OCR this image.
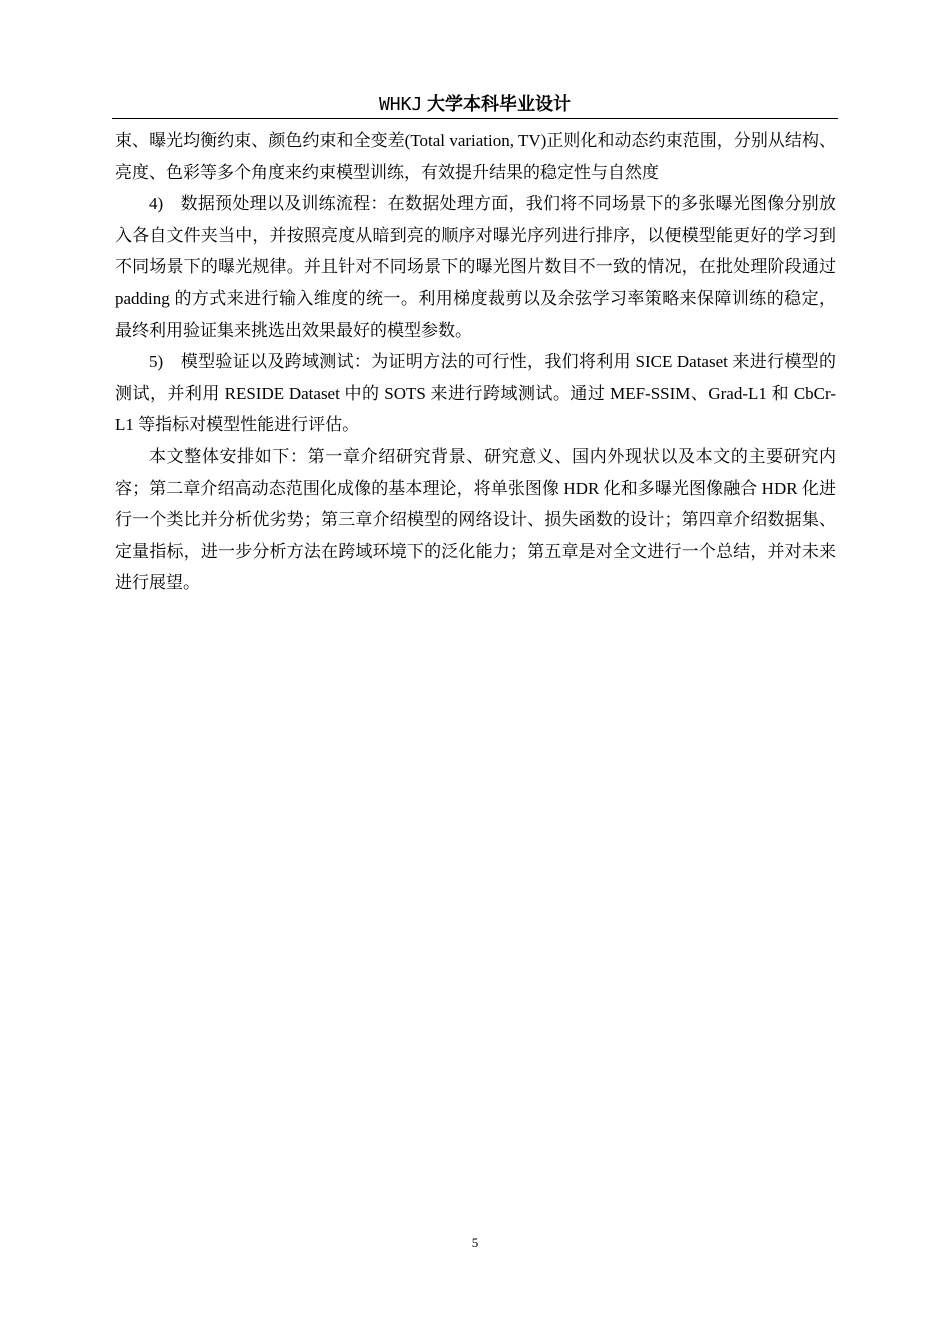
WHKJ 大学本科毕业设计

束、曝光均衡约束、颜色约束和全变差(Total variation, TV)正则化和动态约束范围，分别从结构、亮度、色彩等多个角度来约束模型训练，有效提升结果的稳定性与自然度

4)　数据预处理以及训练流程：在数据处理方面，我们将不同场景下的多张曝光图像分别放入各自文件夹当中，并按照亮度从暗到亮的顺序对曝光序列进行排序，以便模型能更好的学习到不同场景下的曝光规律。并且针对不同场景下的曝光图片数目不一致的情况，在批处理阶段通过 padding 的方式来进行输入维度的统一。利用梯度裁剪以及余弦学习率策略来保障训练的稳定，最终利用验证集来挑选出效果最好的模型参数。

5)　模型验证以及跨域测试：为证明方法的可行性，我们将利用 SICE Dataset 来进行模型的测试，并利用 RESIDE Dataset 中的 SOTS 来进行跨域测试。通过 MEF-SSIM、Grad-L1 和 CbCr-L1 等指标对模型性能进行评估。

本文整体安排如下：第一章介绍研究背景、研究意义、国内外现状以及本文的主要研究内容；第二章介绍高动态范围化成像的基本理论，将单张图像 HDR 化和多曝光图像融合 HDR 化进行一个类比并分析优劣势；第三章介绍模型的网络设计、损失函数的设计；第四章介绍数据集、定量指标，进一步分析方法在跨域环境下的泛化能力；第五章是对全文进行一个总结，并对未来进行展望。

5
